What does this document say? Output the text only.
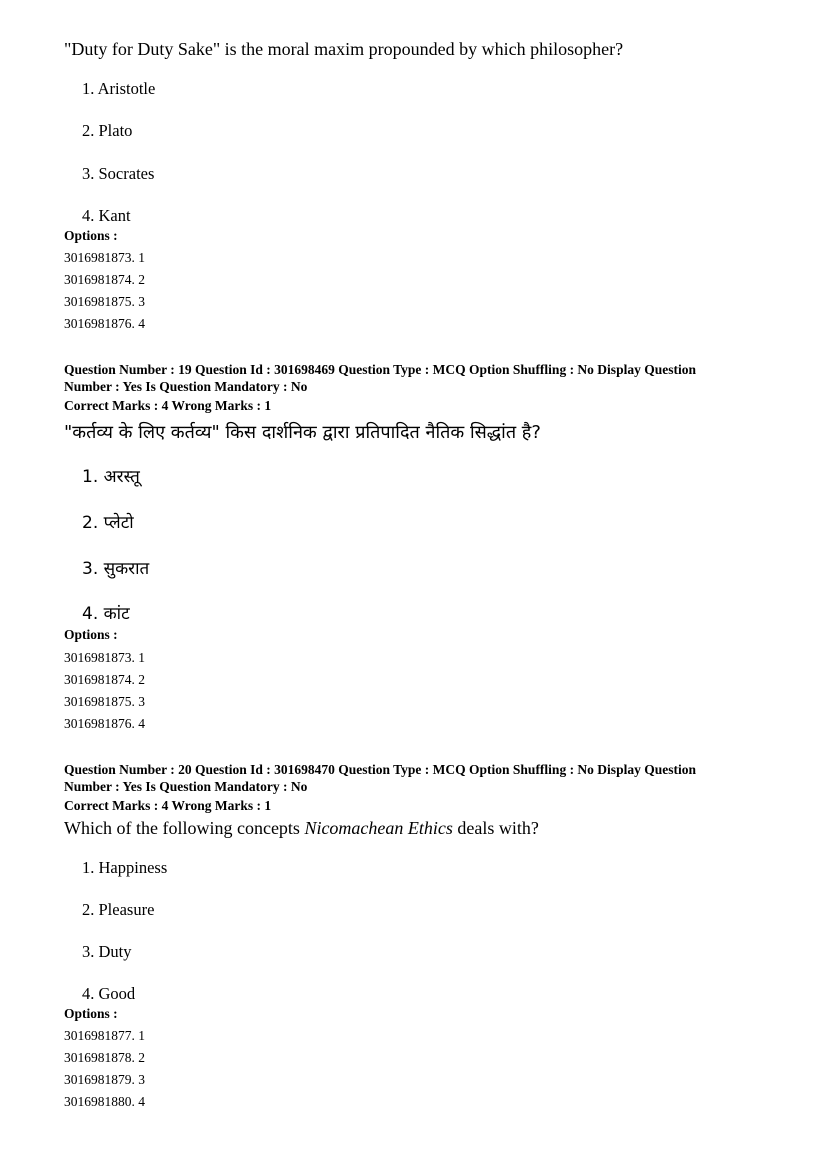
"Duty for Duty Sake" is the moral maxim propounded by which philosopher?

1. Aristotle
2. Plato
3. Socrates
4. Kant
Options :
3016981873. 1
3016981874. 2
3016981875. 3
3016981876. 4

Question Number : 19 Question Id : 301698469 Question Type : MCQ Option Shuffling : No Display Question

Number : Yes Is Question Mandatory : No

Correct Marks : 4 Wrong Marks : 1

"कर्तव्य के लिए कर्तव्य" किस दार्शनिक द्वारा प्रतिपादित नैतिक सिद्धांत है?

1. अरस्तू
2. प्लेटो
3. सुकरात
4. कांट
Options :
3016981873. 1
3016981874. 2
3016981875. 3
3016981876. 4

Question Number : 20 Question Id : 301698470 Question Type : MCQ Option Shuffling : No Display Question

Number : Yes Is Question Mandatory : No

Correct Marks : 4 Wrong Marks : 1

Which of the following concepts Nicomachean Ethics deals with?

1. Happiness
2. Pleasure
3. Duty
4. Good
Options :
3016981877. 1
3016981878. 2
3016981879. 3
3016981880. 4
